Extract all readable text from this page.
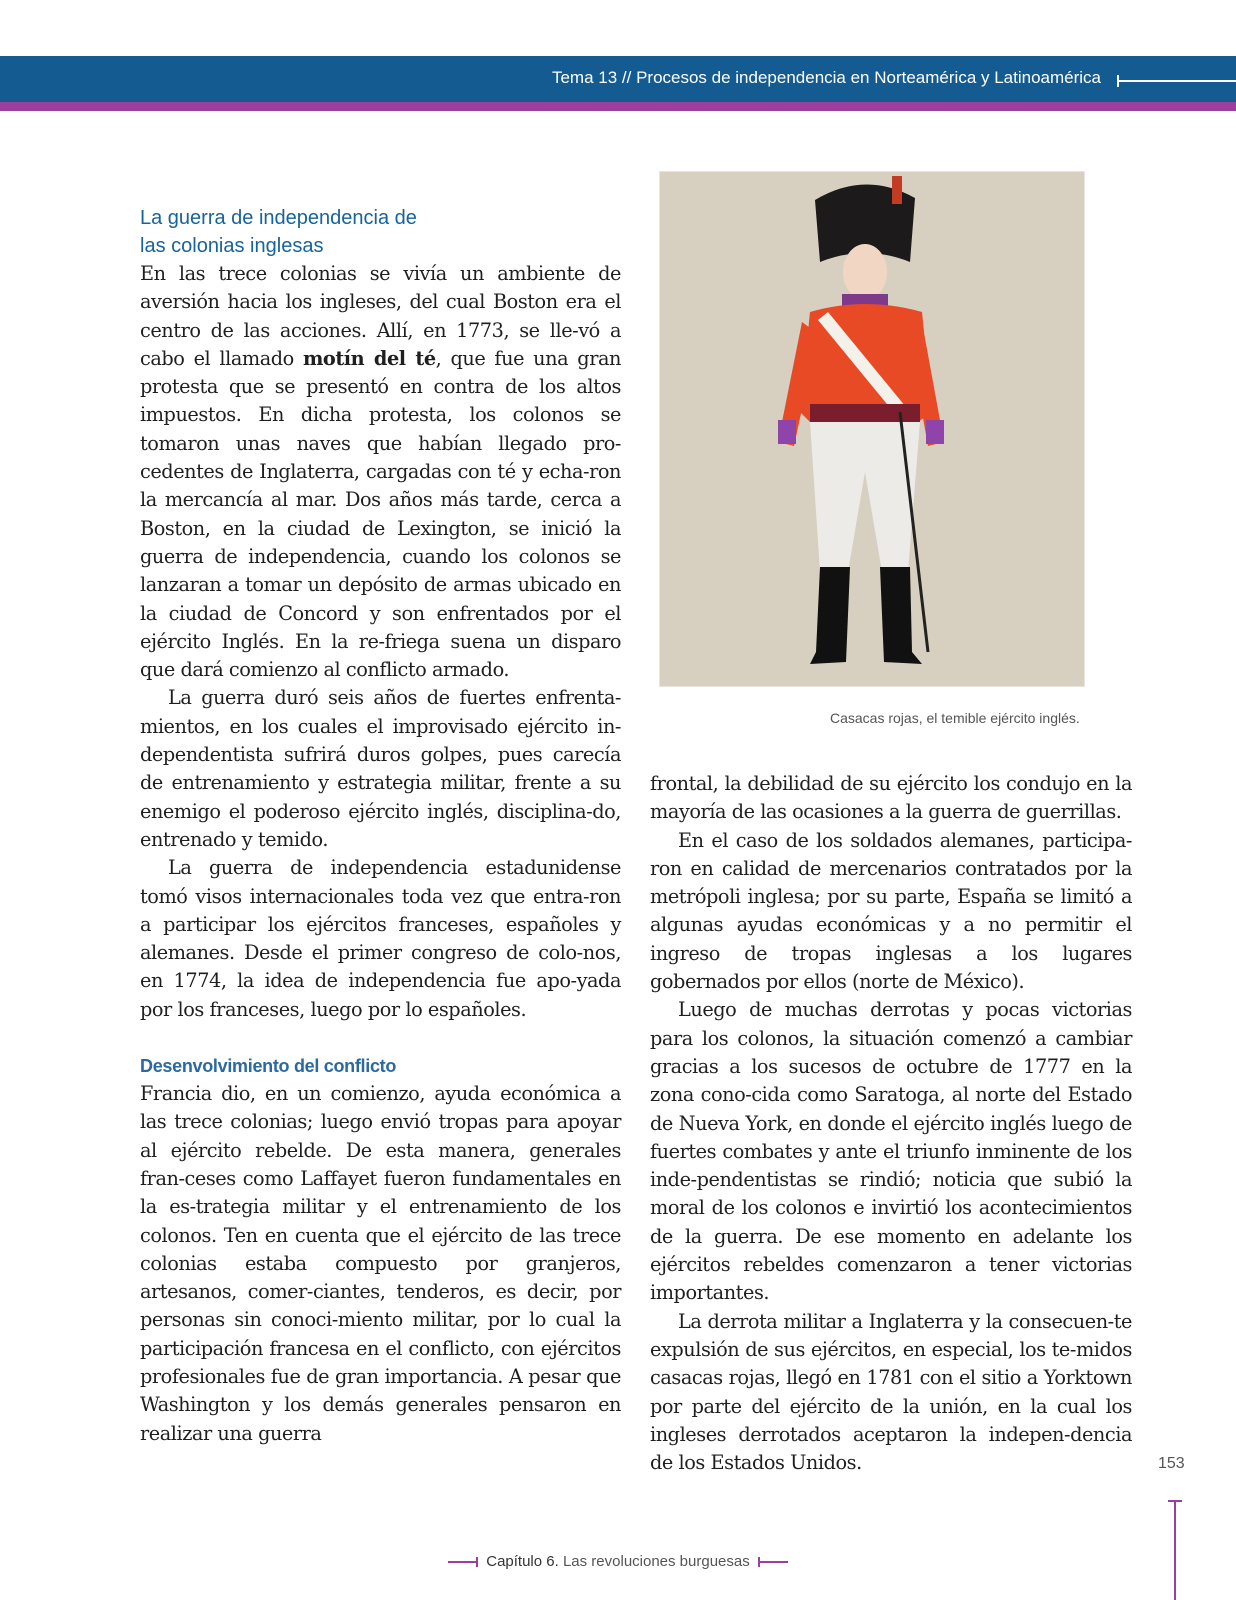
Tema 13 // Procesos de independencia en Norteamérica y Latinoamérica
La guerra de independencia de
las colonias inglesas

En las trece colonias se vivía un ambiente de aversión hacia los ingleses, del cual Boston era el centro de las acciones. Allí, en 1773, se lle-vó a cabo el llamado motín del té, que fue una gran protesta que se presentó en contra de los altos impuestos. En dicha protesta, los colonos se tomaron unas naves que habían llegado pro-cedentes de Inglaterra, cargadas con té y echa-ron la mercancía al mar. Dos años más tarde, cerca a Boston, en la ciudad de Lexington, se inició la guerra de independencia, cuando los colonos se lanzaran a tomar un depósito de armas ubicado en la ciudad de Concord y son enfrentados por el ejército Inglés. En la re-friega suena un disparo que dará comienzo al conflicto armado.

La guerra duró seis años de fuertes enfrenta-mientos, en los cuales el improvisado ejército in-dependentista sufrirá duros golpes, pues carecía de entrenamiento y estrategia militar, frente a su enemigo el poderoso ejército inglés, disciplina-do, entrenado y temido.

La guerra de independencia estadunidense tomó visos internacionales toda vez que entra-ron a participar los ejércitos franceses, españoles y alemanes. Desde el primer congreso de colo-nos, en 1774, la idea de independencia fue apo-yada por los franceses, luego por lo españoles.

Desenvolvimiento del conflicto

Francia dio, en un comienzo, ayuda económica a las trece colonias; luego envió tropas para apoyar al ejército rebelde. De esta manera, generales fran-ceses como Laffayet fueron fundamentales en la es-trategia militar y el entrenamiento de los colonos. Ten en cuenta que el ejército de las trece colonias estaba compuesto por granjeros, artesanos, comer-ciantes, tenderos, es decir, por personas sin conoci-miento militar, por lo cual la participación francesa en el conflicto, con ejércitos profesionales fue de gran importancia. A pesar que Washington y los demás generales pensaron en realizar una guerra

Casacas rojas, el temible ejército inglés.

frontal, la debilidad de su ejército los condujo en la mayoría de las ocasiones a la guerra de guerrillas.

En el caso de los soldados alemanes, participa-ron en calidad de mercenarios contratados por la metrópoli inglesa; por su parte, España se limitó a algunas ayudas económicas y a no permitir el ingreso de tropas inglesas a los lugares gobernados por ellos (norte de México).

Luego de muchas derrotas y pocas victorias para los colonos, la situación comenzó a cambiar gracias a los sucesos de octubre de 1777 en la zona cono-cida como Saratoga, al norte del Estado de Nueva York, en donde el ejército inglés luego de fuertes combates y ante el triunfo inminente de los inde-pendentistas se rindió; noticia que subió la moral de los colonos e invirtió los acontecimientos de la guerra. De ese momento en adelante los ejércitos rebeldes comenzaron a tener victorias importantes.

La derrota militar a Inglaterra y la consecuen-te expulsión de sus ejércitos, en especial, los te-midos casacas rojas, llegó en 1781 con el sitio a Yorktown por parte del ejército de la unión, en la cual los ingleses derrotados aceptaron la indepen-dencia de los Estados Unidos.	153
Capítulo 6. Las revoluciones burguesas
